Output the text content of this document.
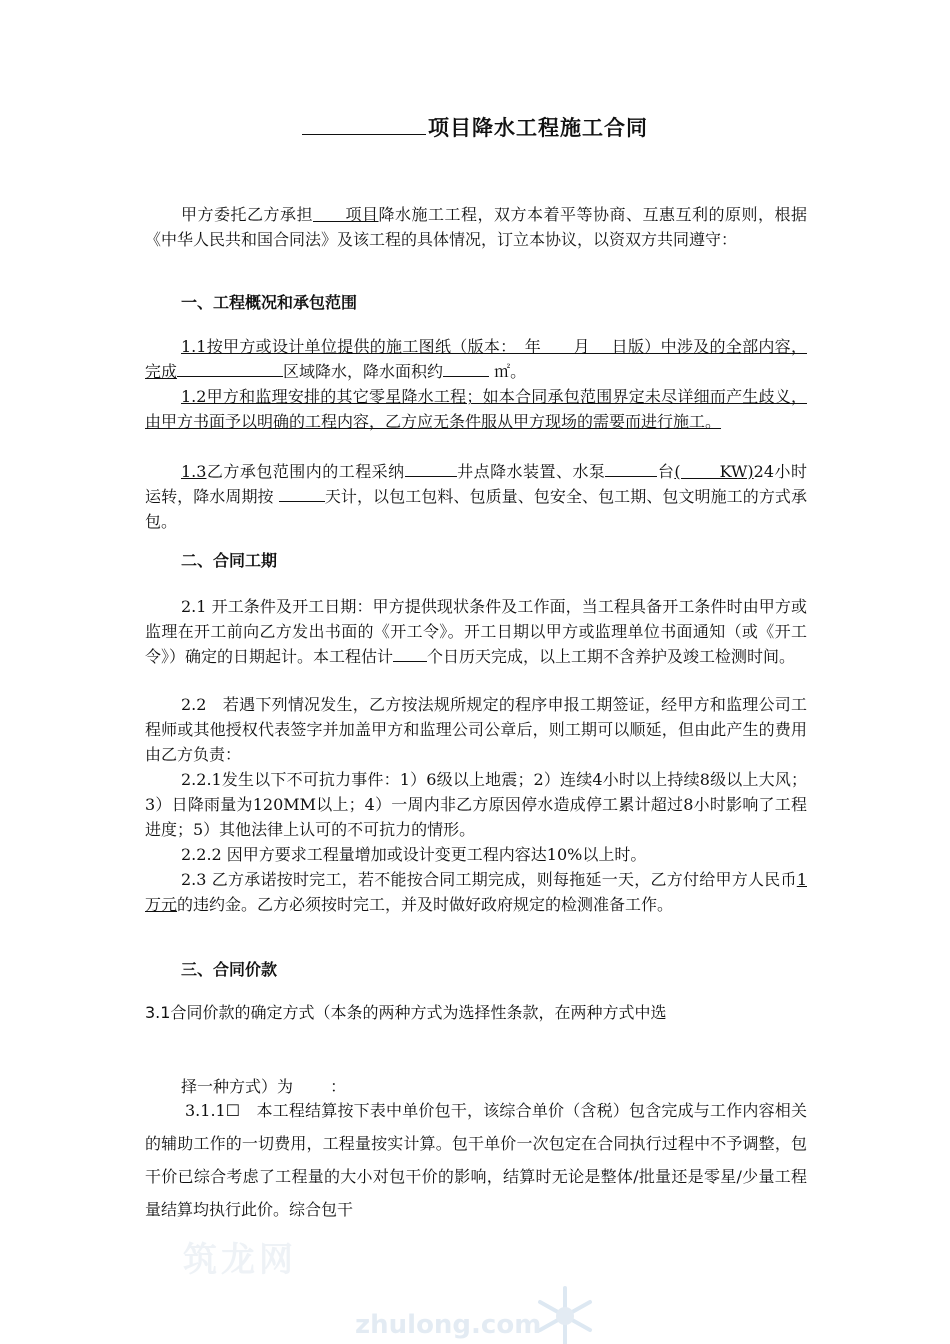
项目降水工程施工合同

甲方委托乙方承担   项目降水施工工程，双方本着平等协商、互惠互利的原则，根据《中华人民共和国合同法》及该工程的具体情况，订立本协议，以资双方共同遵守：

一、工程概况和承包范围

1.1按甲方或设计单位提供的施工图纸（版本：　年　　月　 日版）中涉及的全部内容，完成	区域降水，降水面积约	㎡。

1.2甲方和监理安排的其它零星降水工程；如本合同承包范围界定未尽详细而产生歧义，由甲方书面予以明确的工程内容，乙方应无条件服从甲方现场的需要而进行施工。

1.3乙方承包范围内的工程采纳	井点降水装置、水泵	台(　　 KW)24小时运转，降水周期按	天计，以包工包料、包质量、包安全、包工期、包文明施工的方式承包。

二、合同工期

2.1 开工条件及开工日期：甲方提供现状条件及工作面，当工程具备开工条件时由甲方或监理在开工前向乙方发出书面的《开工令》。开工日期以甲方或监理单位书面通知（或《开工令》）确定的日期起计。本工程估计 个日历天完成，以上工期不含养护及竣工检测时间。

2.2　若遇下列情况发生，乙方按法规所规定的程序申报工期签证，经甲方和监理公司工程师或其他授权代表签字并加盖甲方和监理公司公章后，则工期可以顺延，但由此产生的费用由乙方负责：

2.2.1发生以下不可抗力事件：1）6级以上地震；2）连续4小时以上持续8级以上大风；3）日降雨量为120MM以上；4）一周内非乙方原因停水造成停工累计超过8小时影响了工程进度；5）其他法律上认可的不可抗力的情形。

2.2.2 因甲方要求工程量增加或设计变更工程内容达10%以上时。

2.3 乙方承诺按时完工，若不能按合同工期完成，则每拖延一天，乙方付给甲方人民币1万元的违约金。乙方必须按时完工，并及时做好政府规定的检测准备工作。

三、合同价款

3.1合同价款的确定方式（本条的两种方式为选择性条款，在两种方式中选

择一种方式）为　　 ：

3.1.1☐　本工程结算按下表中单价包干，该综合单价（含税）包含完成与工作内容相关的辅助工作的一切费用，工程量按实计算。包干单价一次包定在合同执行过程中不予调整，包干价已综合考虑了工程量的大小对包干价的影响，结算时无论是整体/批量还是零星/少量工程量结算均执行此价。综合包干

筑龙网
zhulong.com
